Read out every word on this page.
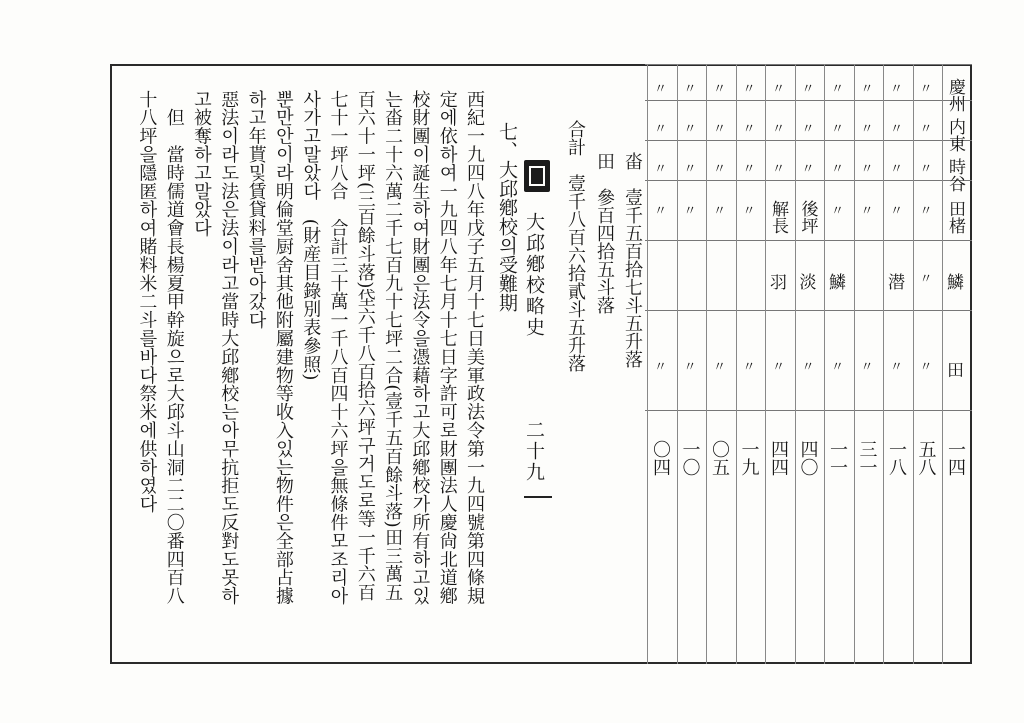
慶州
内東
時谷
田楮
鱗
田
一四
〃
〃
〃
〃
〃
〃
五八
〃
〃
〃
〃
潜
〃
一八
〃
〃
〃
〃
〃
三一
〃
〃
〃
〃
鱗
〃
一一
〃
〃
〃
後坪
淡
〃
四〇
〃
〃
〃
解長
羽
〃
四四
〃
〃
〃
〃
〃
一九
〃
〃
〃
〃
〃
〇五
〃
〃
〃
〃
〃
一〇
〃
〃
〃
〃
〃
〇四
大邱鄕校略史
二十九
畓　壹千五百拾七斗五升落
田　參百四拾五斗落
合計　壹千八百六拾貳斗五升落
七、大邱鄕校의受難期
西紀一九四八年戊子五月十七日美軍政法令第一九四號第四條規
定에依하여一九四八年七月十七日字許可로財團法人慶尙北道鄕
校財團이誕生하여財團은法令을憑藉하고大邱鄕校가所有하고있
는畓二十六萬二千七百九十七坪二合(壹千五百餘斗落)田三萬五
百六十一坪(三百餘斗落)垈六千八百拾六坪구거도로等一千六百
七十一坪八合　合計三十萬一千八百四十六坪을無條件모조리아
사가고말았다　(財産目錄別表參照)
뿐만안이라明倫堂厨舍其他附屬建物等收入있는物件은全部占據
하고年貰및賃貸料를받아갔다
惡法이라도法은法이라고當時大邱鄕校는아무抗拒도反對도못하
고被奪하고말았다
　但　當時儒道會長楊夏甲幹旋으로大邱斗山洞二二〇番四百八
十八坪을隱匿하여賭料米二斗를바다祭米에供하였다
